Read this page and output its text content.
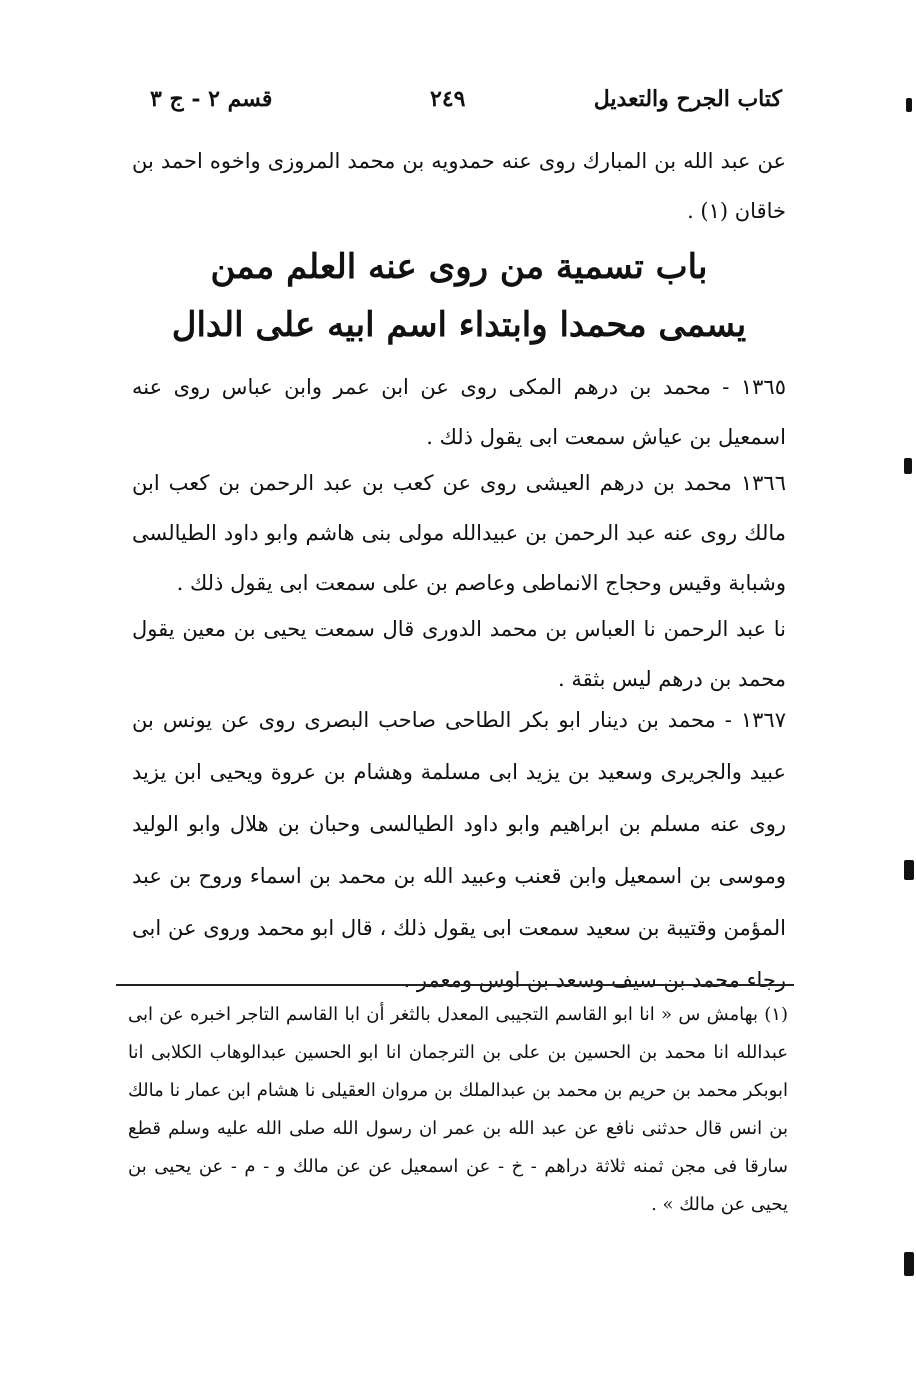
كتاب الجرح والتعديل
٢٤٩
قسم ٢ - ج ٣

عن عبد الله بن المبارك روى عنه حمدويه بن محمد المروزى واخوه احمد بن خاقان (١) .

باب تسمية من روى عنه العلم ممن
يسمى محمدا وابتداء اسم ابيه على الدال

١٣٦٥ - محمد بن درهم المكى روى عن ابن عمر وابن عباس روى عنه اسمعيل بن عياش سمعت ابى يقول ذلك .

١٣٦٦ محمد بن درهم العيشى روى عن كعب بن عبد الرحمن بن كعب ابن مالك روى عنه عبد الرحمن بن عبيدالله مولى بنى هاشم وابو داود الطيالسى وشبابة وقيس وحجاج الانماطى وعاصم بن على سمعت ابى يقول ذلك .

نا عبد الرحمن نا العباس بن محمد الدورى قال سمعت يحيى بن معين يقول محمد بن درهم ليس بثقة .

١٣٦٧ - محمد بن دينار ابو بكر الطاحى صاحب البصرى روى عن يونس بن عبيد والجريرى وسعيد بن يزيد ابى مسلمة وهشام بن عروة ويحيى ابن يزيد روى عنه مسلم بن ابراهيم وابو داود الطيالسى وحبان بن هلال وابو الوليد وموسى بن اسمعيل وابن قعنب وعبيد الله بن محمد بن اسماء وروح بن عبد المؤمن وقتيبة بن سعيد سمعت ابى يقول ذلك ، قال ابو محمد وروى عن ابى رجاء محمد بن سيف وسعد بن اوس ومعمر .

(١) بهامش س « انا ابو القاسم التجيبى المعدل بالثغر أن ابا القاسم التاجر اخبره عن ابى عبدالله انا محمد بن الحسين بن على بن الترجمان انا ابو الحسين عبدالوهاب الكلابى انا ابوبكر محمد بن حريم بن محمد بن عبدالملك بن مروان العقيلى نا هشام ابن عمار نا مالك بن انس قال حدثنى نافع عن عبد الله بن عمر ان رسول الله صلى الله عليه وسلم قطع سارقا فى مجن ثمنه ثلاثة دراهم - خ - عن اسمعيل عن عن مالك و - م - عن يحيى بن يحيى عن مالك » .
